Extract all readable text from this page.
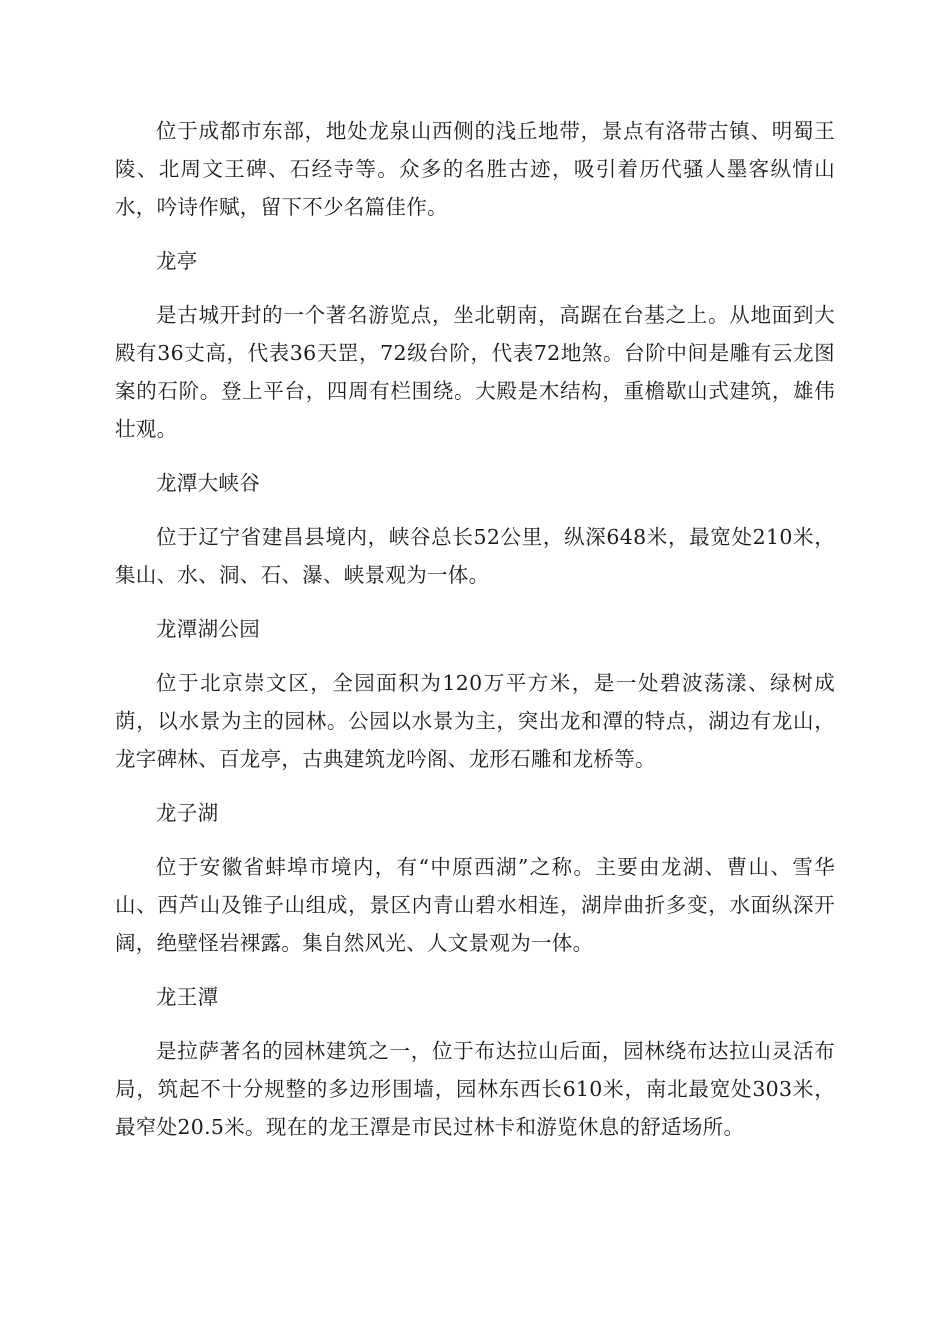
位于成都市东部，地处龙泉山西侧的浅丘地带，景点有洛带古镇、明蜀王陵、北周文王碑、石经寺等。众多的名胜古迹，吸引着历代骚人墨客纵情山水，吟诗作赋，留下不少名篇佳作。

龙亭

是古城开封的一个著名游览点，坐北朝南，高踞在台基之上。从地面到大殿有36丈高，代表36天罡，72级台阶，代表72地煞。台阶中间是雕有云龙图案的石阶。登上平台，四周有栏围绕。大殿是木结构，重檐歇山式建筑，雄伟壮观。

龙潭大峡谷

位于辽宁省建昌县境内，峡谷总长52公里，纵深648米，最宽处210米，集山、水、洞、石、瀑、峡景观为一体。

龙潭湖公园

位于北京崇文区，全园面积为120万平方米，是一处碧波荡漾、绿树成荫，以水景为主的园林。公园以水景为主，突出龙和潭的特点，湖边有龙山，龙字碑林、百龙亭，古典建筑龙吟阁、龙形石雕和龙桥等。

龙子湖

位于安徽省蚌埠市境内，有“中原西湖”之称。主要由龙湖、曹山、雪华山、西芦山及锥子山组成，景区内青山碧水相连，湖岸曲折多变，水面纵深开阔，绝壁怪岩裸露。集自然风光、人文景观为一体。

龙王潭

是拉萨著名的园林建筑之一，位于布达拉山后面，园林绕布达拉山灵活布局，筑起不十分规整的多边形围墙，园林东西长610米，南北最宽处303米，最窄处20.5米。现在的龙王潭是市民过林卡和游览休息的舒适场所。
